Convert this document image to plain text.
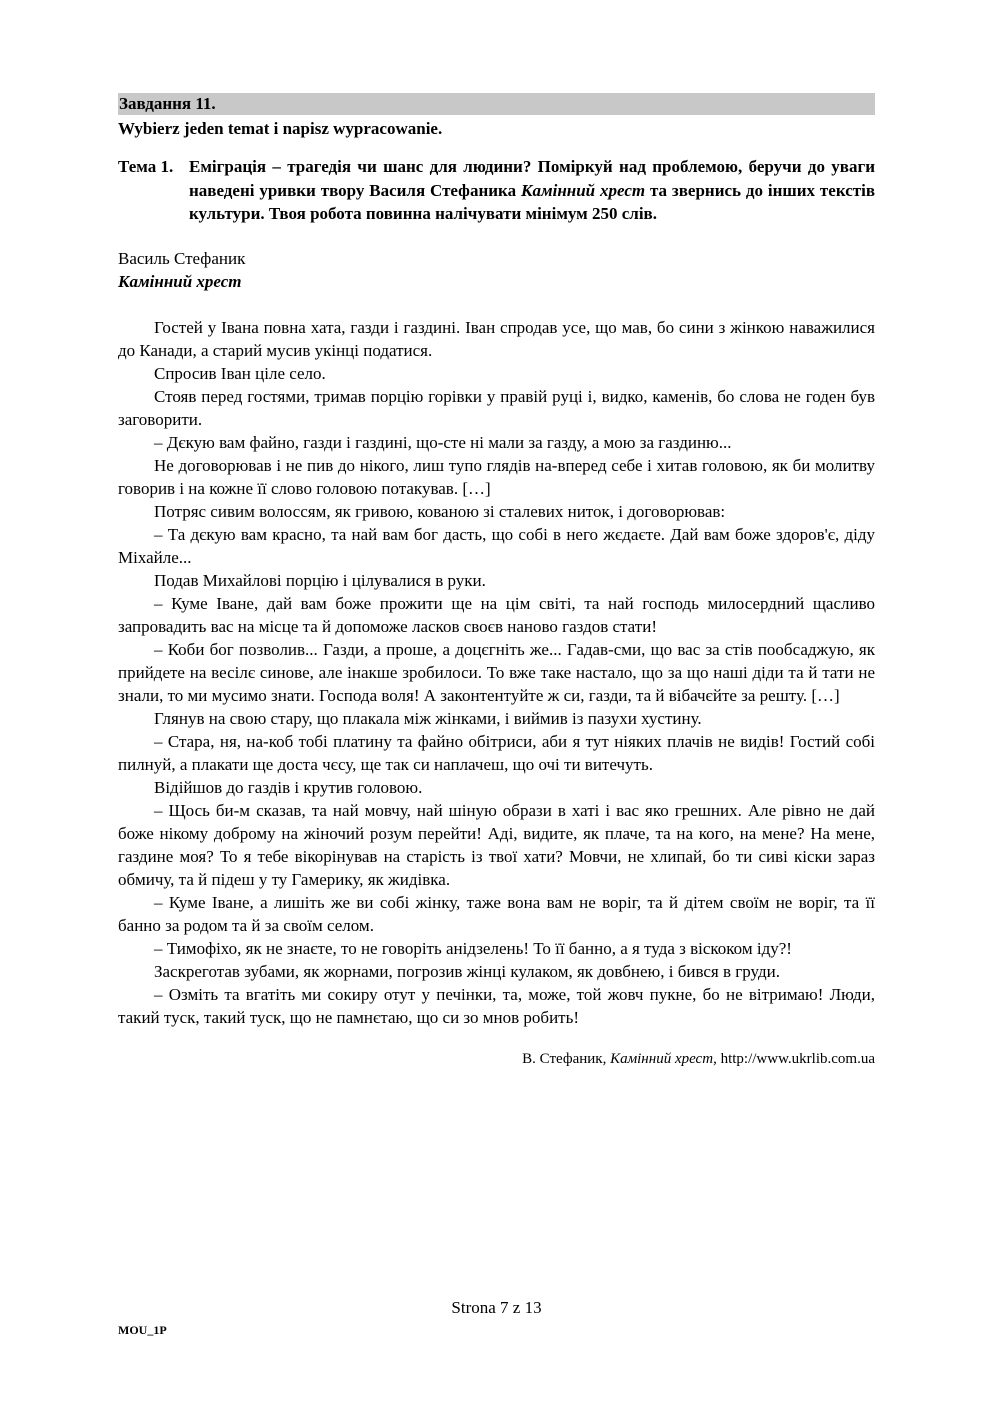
Завдання 11.
Wybierz jeden temat i napisz wypracowanie.
Тема 1. Еміграція – трагедія чи шанс для людини? Поміркуй над проблемою, беручи до уваги наведені уривки твору Василя Стефаника Камінний хрест та звернись до інших текстів культури. Твоя робота повинна налічувати мінімум 250 слів.
Василь Стефаник
Камінний хрест

Гостей у Івана повна хата, газди і газдині. Іван спродав усе, що мав, бо сини з жінкою наважилися до Канади, а старий мусив укінці податися.

Спросив Іван ціле село.

Стояв перед гостями, тримав порцію горівки у правій руці і, видко, каменів, бо слова не годен був заговорити.

– Дєкую вам файно, газди і газдині, що-сте ні мали за газду, а мою за газдиню...

Не договорював і не пив до нікого, лиш тупо глядів на-вперед себе і хитав головою, як би молитву говорив і на кожне її слово головою потакував. […]

Потряс сивим волоссям, як гривою, кованою зі сталевих ниток, і договорював:

– Та дєкую вам красно, та най вам бог дасть, що собі в него жєдаєте. Дай вам боже здоров'є, діду Міхайле...

Подав Михайлові порцію і цілувалися в руки.

– Куме Іване, дай вам боже прожити ще на цім світі, та най господь милосердний щасливо запровадить вас на місце та й допоможе ласков своєв наново газдов стати!

– Коби бог позволив... Газди, а проше, а доцєгніть же... Гадав-сми, що вас за стів пообсаджую, як прийдете на весілє синове, але інакше зробилоси. То вже таке настало, що за що наші діди та й тати не знали, то ми мусимо знати. Господа воля! А законтентуйте ж си, газди, та й вібачєйте за решту. […]

Глянув на свою стару, що плакала між жінками, і виймив із пазухи хустину.

– Стара, ня, на-коб тобі платину та файно обітриси, аби я тут ніяких плачів не видів! Гостий собі пилнуй, а плакати ще доста чєсу, ще так си наплачеш, що очі ти витечуть.

Відійшов до газдів і крутив головою.

– Щось би-м сказав, та най мовчу, най шіную образи в хаті і вас яко грешних. Але рівно не дай боже нікому доброму на жіночий розум перейти! Аді, видите, як плаче, та на кого, на мене? На мене, газдине моя? То я тебе вікорінував на старість із твої хати? Мовчи, не хлипай, бо ти сиві кіски зараз обмичу, та й підеш у ту Гамерику, як жидівка.

– Куме Іване, а лишіть же ви собі жінку, таже вона вам не ворiг, та й дітем своїм не ворiг, та її банно за родом та й за своїм селом.

– Тимофіхо, як не знаєте, то не говоріть анідзелень! То її банно, а я туда з віскоком іду?!

Заскреготав зубами, як жорнами, погрозив жінці кулаком, як довбнею, і бився в груди.

– Озміть та вгатіть ми сокиру отут у печінки, та, може, той жовч пукне, бо не вітримаю! Люди, такий туск, такий туск, що не памнєтаю, що си зо мнов робить!

В. Стефаник, Камінний хрест, http://www.ukrlib.com.ua
Strona 7 z 13
MOU_1P
